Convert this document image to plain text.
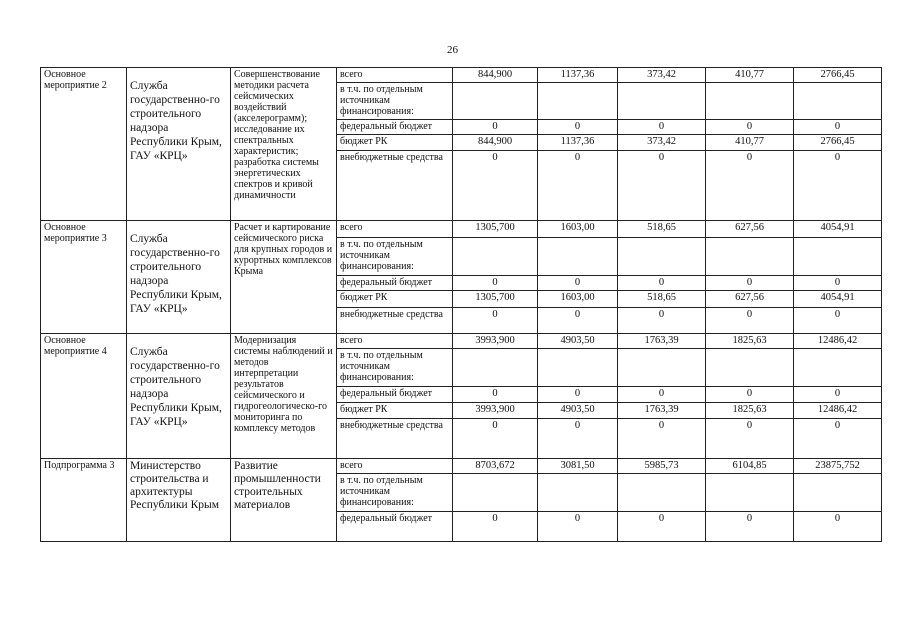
26
Основное мероприятие 2	Служба государственно-го строительного надзора Республики Крым, ГАУ «КРЦ»	Совершенствование методики расчета сейсмических воздействий (акселерограмм); исследование их спектральных характеристик; разработка системы энергетических спектров и кривой динамичности	всего	844,900	1137,36	373,42	410,77	2766,45
			в т.ч. по отдельным источникам финансирования:					
			федеральный бюджет	0	0	0	0	0
			бюджет РК	844,900	1137,36	373,42	410,77	2766,45
			внебюджетные средства	0	0	0	0	0
Основное мероприятие 3	Служба государственно-го строительного надзора Республики Крым, ГАУ «КРЦ»	Расчет и картирование сейсмического риска для крупных городов и курортных комплексов Крыма	всего	1305,700	1603,00	518,65	627,56	4054,91
			в т.ч. по отдельным источникам финансирования:					
			федеральный бюджет	0	0	0	0	0
			бюджет РК	1305,700	1603,00	518,65	627,56	4054,91
			внебюджетные средства	0	0	0	0	0
Основное мероприятие 4	Служба государственно-го строительного надзора Республики Крым, ГАУ «КРЦ»	Модернизация системы наблюдений и методов интерпретации результатов сейсмического и гидрогеологическо-го мониторинга по комплексу методов	всего	3993,900	4903,50	1763,39	1825,63	12486,42
			в т.ч. по отдельным источникам финансирования:					
			федеральный бюджет	0	0	0	0	0
			бюджет РК	3993,900	4903,50	1763,39	1825,63	12486,42
			внебюджетные средства	0	0	0	0	0
Подпрограмма 3	Министерство строительства и архитектуры Республики Крым	Развитие промышленности строительных материалов	всего	8703,672	3081,50	5985,73	6104,85	23875,752
			в т.ч. по отдельным источникам финансирования:					
			федеральный бюджет	0	0	0	0	0
